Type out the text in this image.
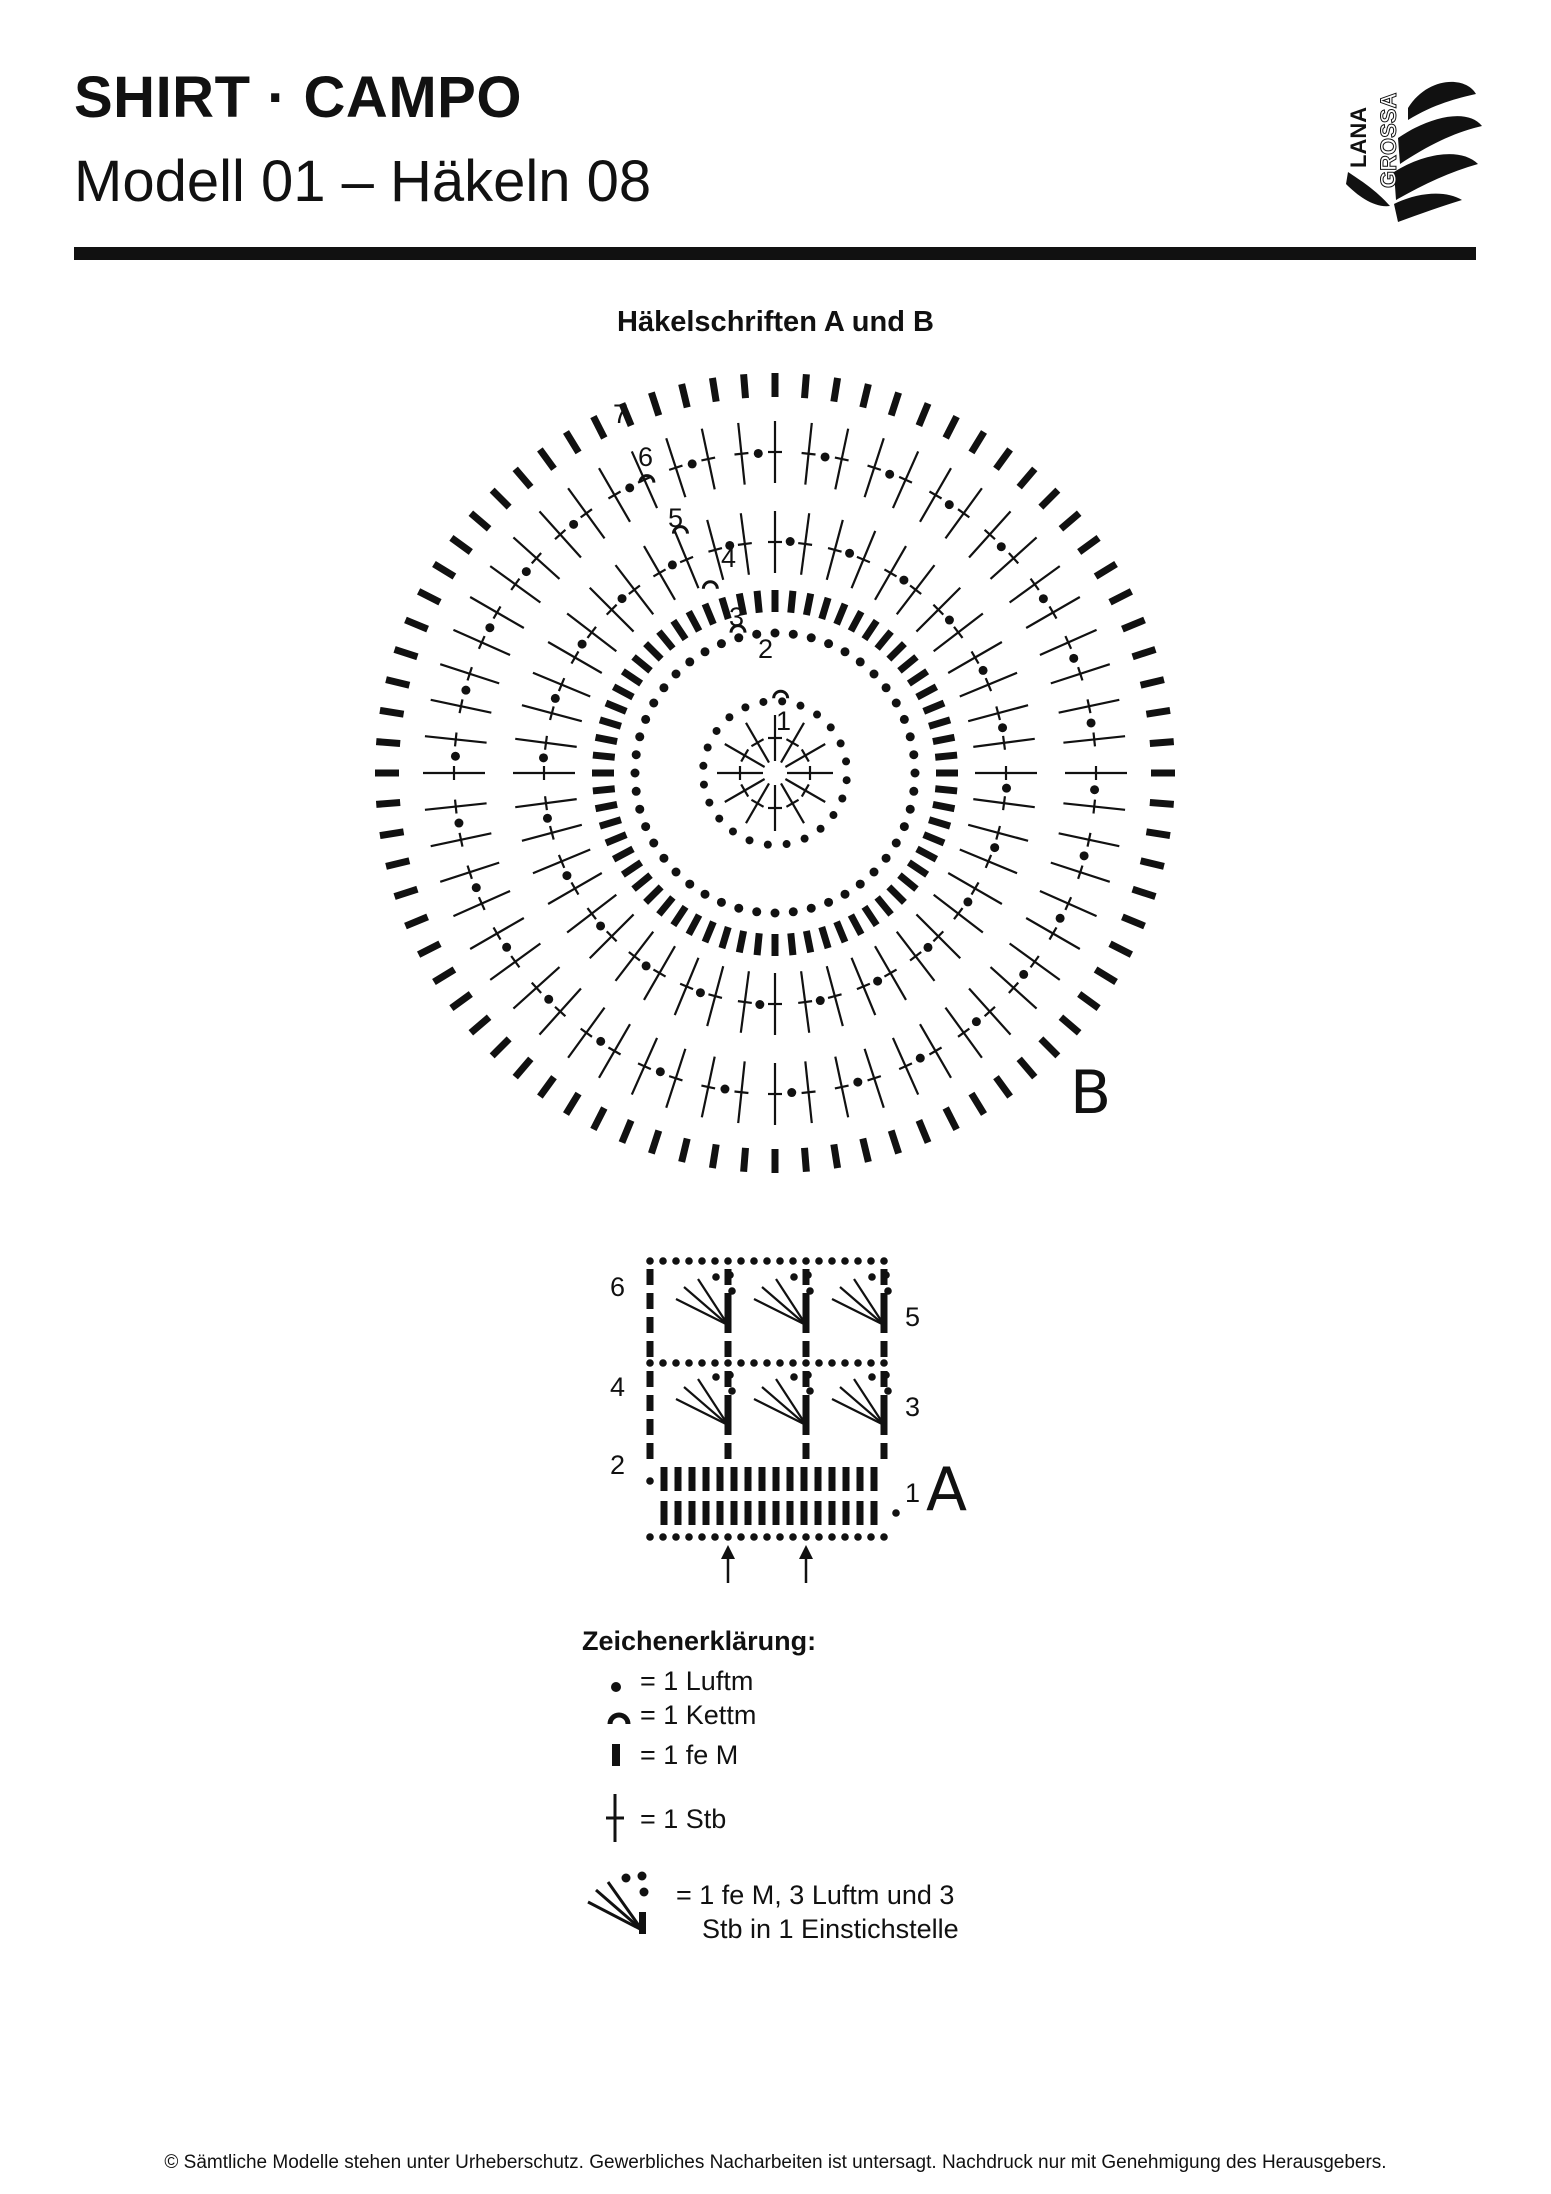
SHIRT · CAMPO
Modell 01 – Häkeln 08
LANA GROSSA
Häkelschriften A und B
B
1
2
3
4
5
6
7
6
4
2
5
3
1 A
Zeichenerklärung:
= 1 Luftm
= 1 Kettm
= 1 fe M
= 1 Stb
= 1 fe M, 3 Luftm und 3
Stb in 1 Einstichstelle
© Sämtliche Modelle stehen unter Urheberschutz. Gewerbliches Nacharbeiten ist untersagt. Nachdruck nur mit Genehmigung des Herausgebers.
